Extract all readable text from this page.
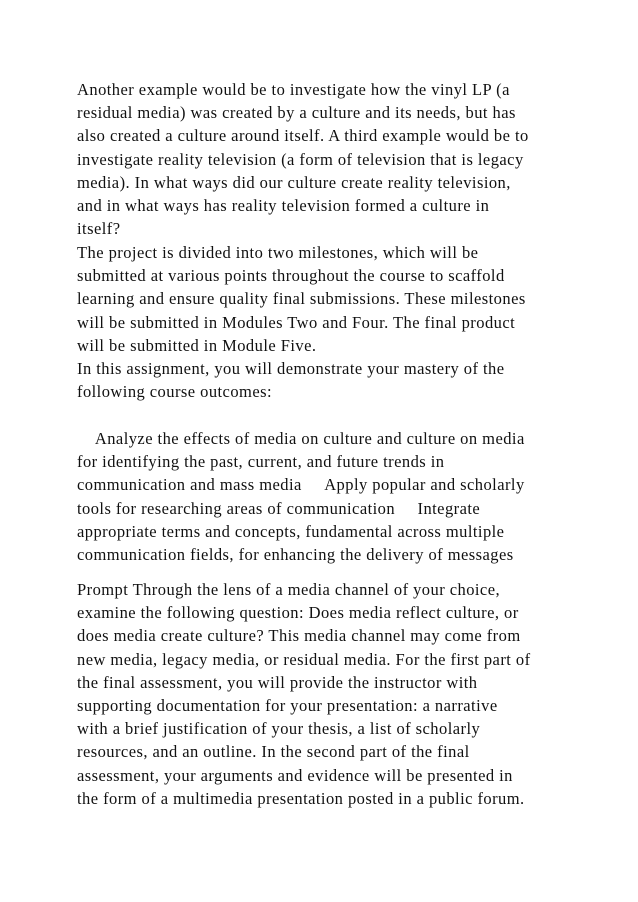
Another example would be to investigate how the vinyl LP (a
residual media) was created by a culture and its needs, but has
also created a culture around itself. A third example would be to
investigate reality television (a form of television that is legacy
media). In what ways did our culture create reality television,
and in what ways has reality television formed a culture in
itself?
The project is divided into two milestones, which will be
submitted at various points throughout the course to scaffold
learning and ensure quality final submissions. These milestones
will be submitted in Modules Two and Four. The final product
will be submitted in Module Five.
In this assignment, you will demonstrate your mastery of the
following course outcomes:
Analyze the effects of media on culture and culture on media
for identifying the past, current, and future trends in
communication and mass media Apply popular and scholarly
tools for researching areas of communication Integrate
appropriate terms and concepts, fundamental across multiple
communication fields, for enhancing the delivery of messages
Prompt Through the lens of a media channel of your choice,
examine the following question: Does media reflect culture, or
does media create culture? This media channel may come from
new media, legacy media, or residual media. For the first part of
the final assessment, you will provide the instructor with
supporting documentation for your presentation: a narrative
with a brief justification of your thesis, a list of scholarly
resources, and an outline. In the second part of the final
assessment, your arguments and evidence will be presented in
the form of a multimedia presentation posted in a public forum.
